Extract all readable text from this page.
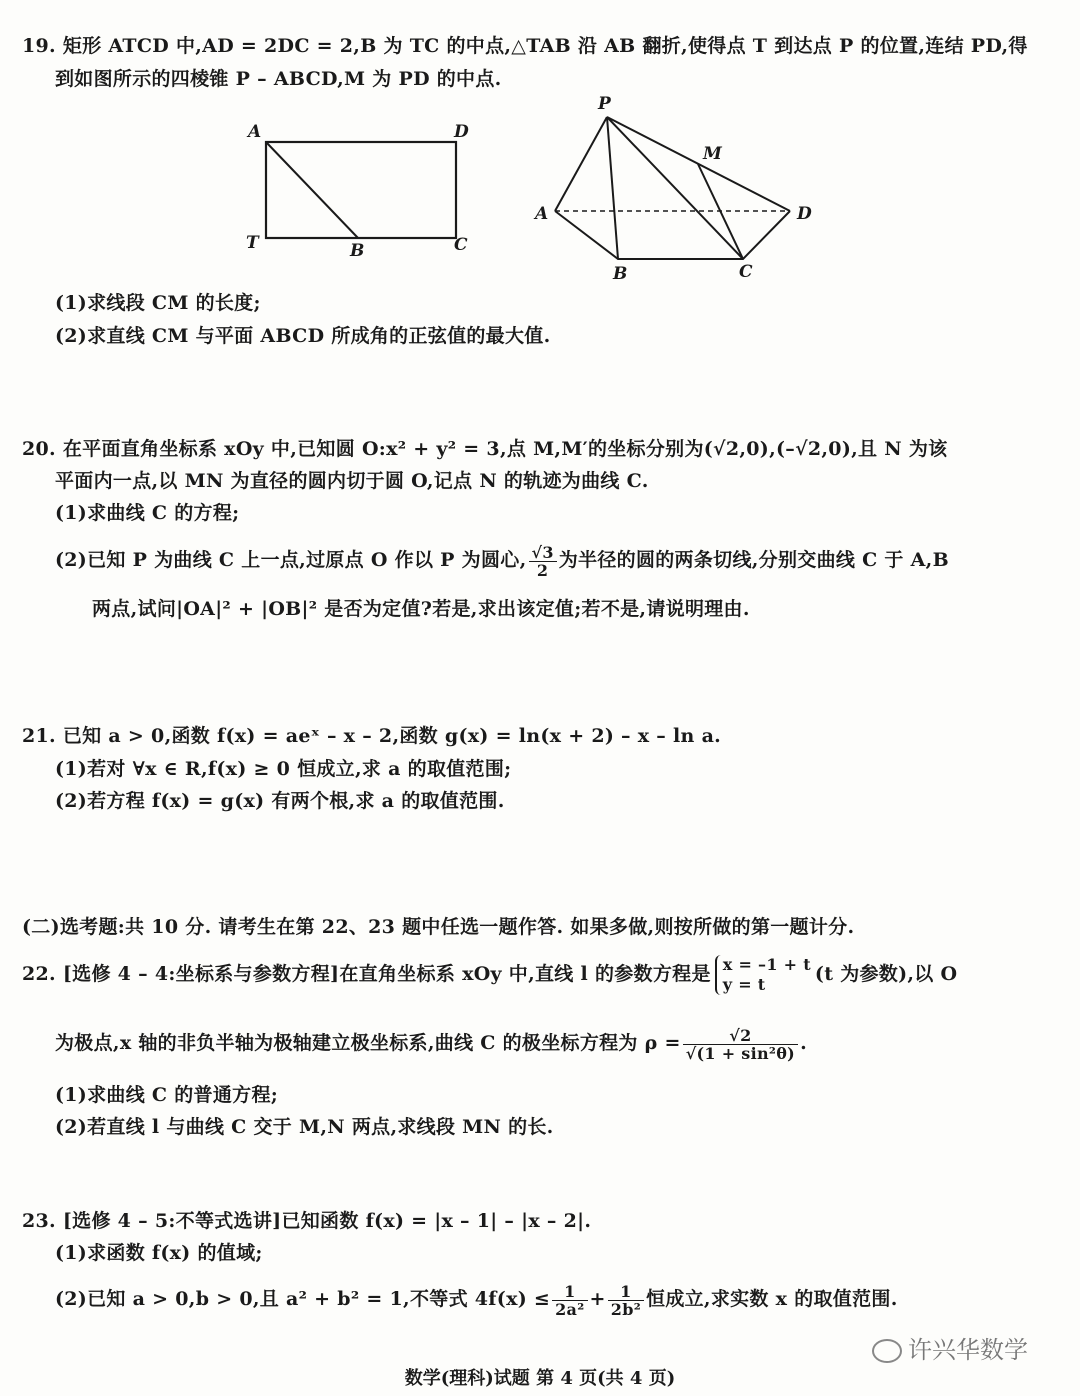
19. 矩形 ATCD 中,AD = 2DC = 2,B 为 TC 的中点,△TAB 沿 AB 翻折,使得点 T 到达点 P 的位置,连结 PD,得
到如图所示的四棱锥 P – ABCD,M 为 PD 的中点.
A	D
T	B	C
P
M
A	D
B	C
(1)求线段 CM 的长度;
(2)求直线 CM 与平面 ABCD 所成角的正弦值的最大值.
20. 在平面直角坐标系 xOy 中,已知圆 O:x² + y² = 3,点 M,M′的坐标分别为(√2,0),(–√2,0),且 N 为该
平面内一点,以 MN 为直径的圆内切于圆 O,记点 N 的轨迹为曲线 C.
(1)求曲线 C 的方程;
(2)已知 P 为曲线 C 上一点,过原点 O 作以 P 为圆心, $\frac{√3}{2}$ 为半径的圆的两条切线,分别交曲线 C 于 A,B
两点,试问|OA|² + |OB|² 是否为定值?若是,求出该定值;若不是,请说明理由.
21. 已知 a > 0,函数 f(x) = aeˣ – x – 2,函数 g(x) = ln(x + 2) – x – ln a.
(1)若对 ∀x ∈ R,f(x) ≥ 0 恒成立,求 a 的取值范围;
(2)若方程 f(x) = g(x) 有两个根,求 a 的取值范围.
(二)选考题:共 10 分. 请考生在第 22、23 题中任选一题作答. 如果多做,则按所做的第一题计分.
22. [选修 4 – 4:坐标系与参数方程]在直角坐标系 xOy 中,直线 l 的参数方程是 x = –1 + t
y = t	(t 为参数),以 O
为极点,x 轴的非负半轴为极轴建立极坐标系,曲线 C 的极坐标方程为 $\rho = \frac{√2}{\text{√(1 + sin²θ)}}$ .
(1)求曲线 C 的普通方程;
(2)若直线 l 与曲线 C 交于 M,N 两点,求线段 MN 的长.
23. [选修 4 – 5:不等式选讲]已知函数 f(x) = |x – 1| – |x – 2|.
(1)求函数 f(x) 的值域;
(2)已知 a > 0,b > 0,且 a² + b² = 1,不等式 $4f(x) \le \frac{1}{\text{2a²}} + \frac{1}{\text{2b²}}$ 恒成立,求实数 x 的取值范围.
许兴华数学
数学(理科)试题 第 4 页(共 4 页)
